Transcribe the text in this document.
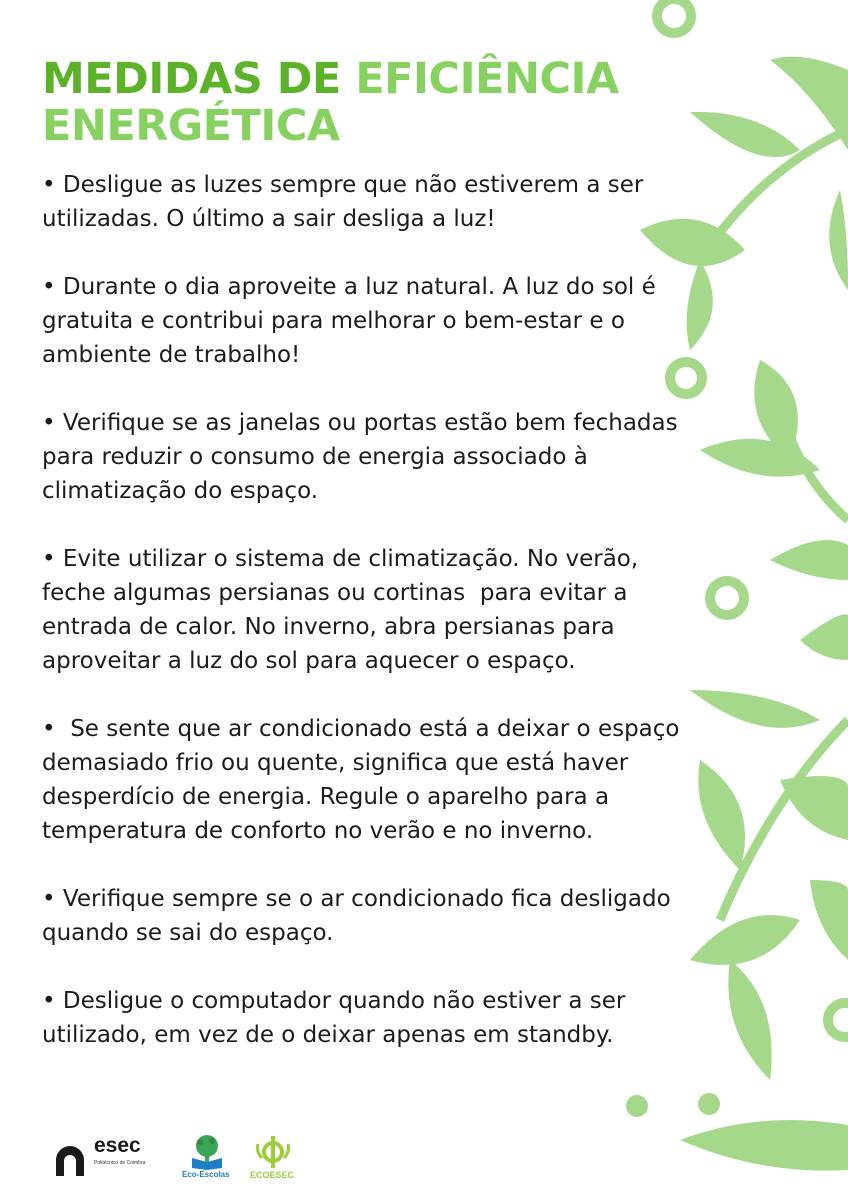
MEDIDAS DE EFICIÊNCIA
ENERGÉTICA

• Desligue as luzes sempre que não estiverem a ser utilizadas. O último a sair desliga a luz!

• Durante o dia aproveite a luz natural. A luz do sol é gratuita e contribui para melhorar o bem-estar e o ambiente de trabalho!

• Verifique se as janelas ou portas estão bem fechadas para reduzir o consumo de energia associado à climatização do espaço.

• Evite utilizar o sistema de climatização. No verão, feche algumas persianas ou cortinas  para evitar a entrada de calor. No inverno, abra persianas para aproveitar a luz do sol para aquecer o espaço.

•  Se sente que ar condicionado está a deixar o espaço demasiado frio ou quente, significa que está haver desperdício de energia. Regule o aparelho para a temperatura de conforto no verão e no inverno.

• Verifique sempre se o ar condicionado fica desligado quando se sai do espaço.

• Desligue o computador quando não estiver a ser utilizado, em vez de o deixar apenas em standby.

esec
Politécnico de Coimbra
Eco-Escolas ECOESEC
